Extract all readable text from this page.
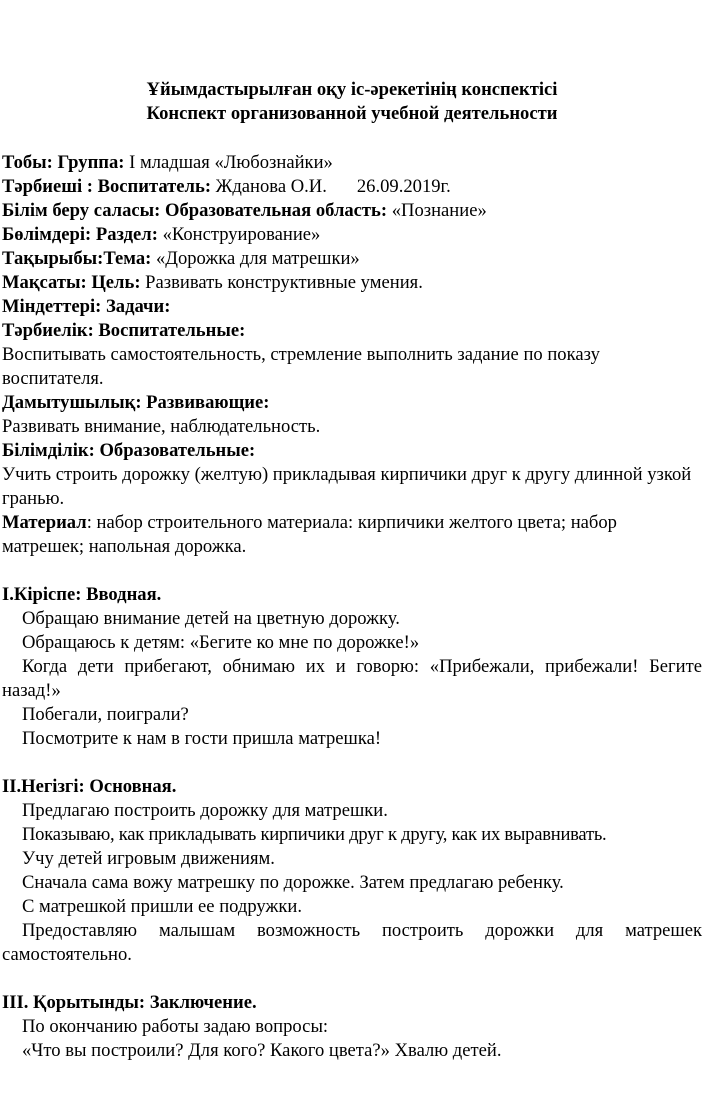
Ұйымдастырылған оқу іс-әрекетінің конспектісі
Конспект организованной учебной деятельности

Тобы: Группа: I младшая «Любознайки»

Тәрбиеші : Воспитатель: Жданова О.И. 26.09.2019г.

Білім беру саласы: Образовательная область: «Познание»

Бөлімдері: Раздел: «Конструирование»

Тақырыбы:Тема: «Дорожка для матрешки»

Мақсаты: Цель: Развивать конструктивные умения.

Міндеттері: Задачи:

Тәрбиелік: Воспитательные:

Воспитывать самостоятельность, стремление выполнить задание по показу воспитателя.

Дамытушылық: Развивающие:

Развивать внимание, наблюдательность.

Білімділік: Образовательные:

Учить строить дорожку (желтую) прикладывая кирпичики друг к другу длинной узкой гранью.

Материал: набор строительного материала: кирпичики желтого цвета; набор матрешек; напольная дорожка.

I.Кіріспе: Вводная.

Обращаю внимание детей на цветную дорожку.

Обращаюсь к детям: «Бегите ко мне по дорожке!»

Когда дети прибегают, обнимаю их и говорю: «Прибежали, прибежали! Бегите назад!»

Побегали, поиграли?

Посмотрите к нам в гости пришла матрешка!

II.Негізгі: Основная.

Предлагаю построить дорожку для матрешки.

Показываю, как прикладывать кирпичики друг к другу, как их выравнивать.

Учу детей игровым движениям.

Сначала сама вожу матрешку по дорожке. Затем предлагаю ребенку.

С матрешкой пришли ее подружки.

Предоставляю малышам возможность построить дорожки для матрешек самостоятельно.

III. Қорытынды: Заключение.

По окончанию работы задаю вопросы:

«Что вы построили? Для кого? Какого цвета?» Хвалю детей.
